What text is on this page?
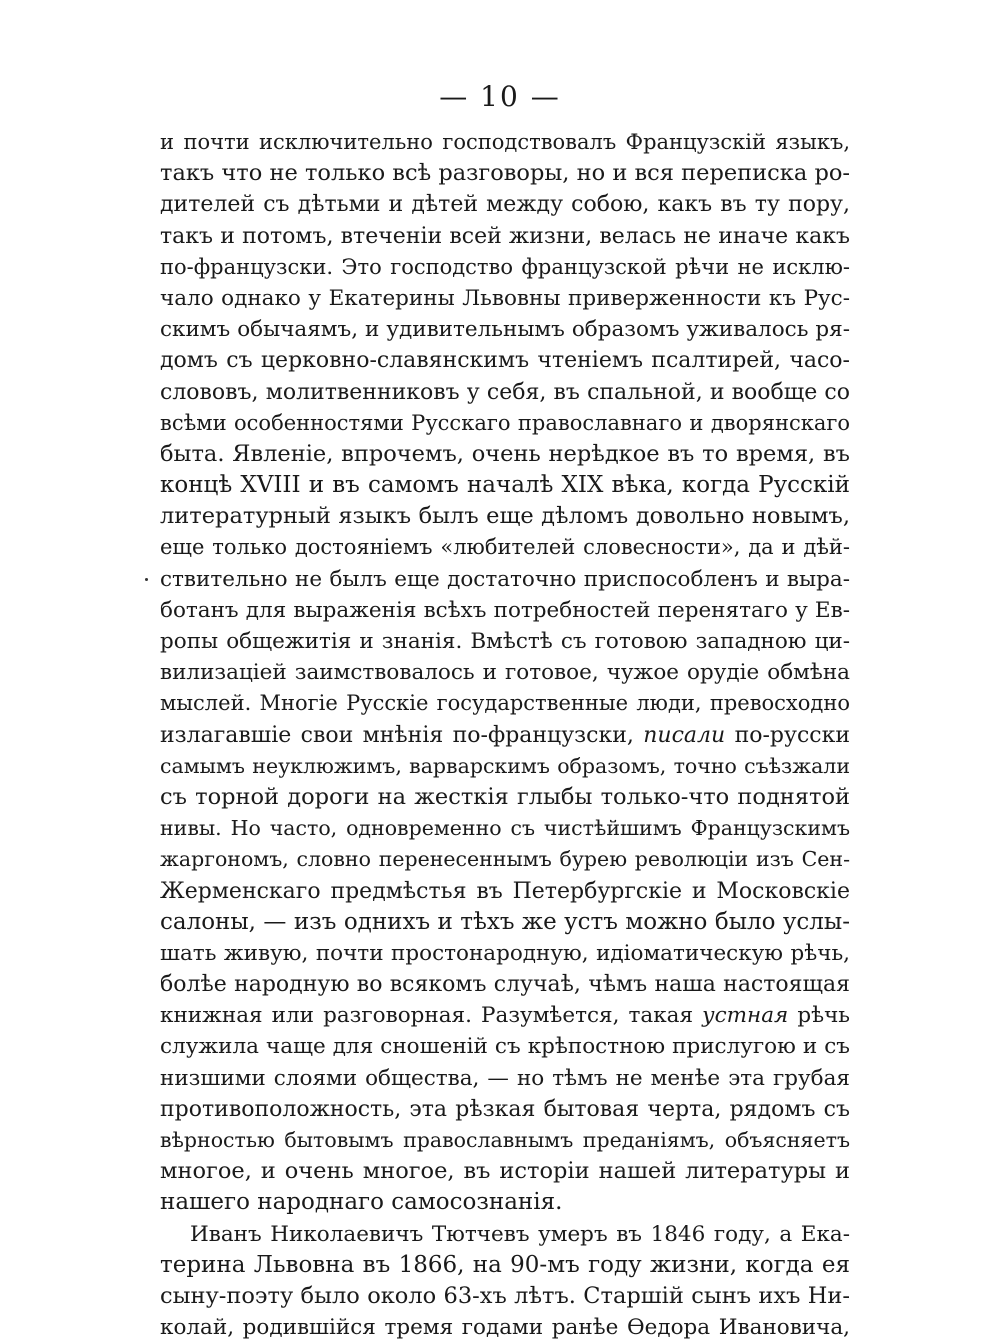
— 10 —
и почти исключительно господствовалъ Французскій языкъ,
такъ что не только всѣ разговоры, но и вся переписка ро-
дителей съ дѣтьми и дѣтей между собою, какъ въ ту пору,
такъ и потомъ, втеченіи всей жизни, велась не иначе какъ
по-французски. Это господство французской рѣчи не исклю-
чало однако у Екатерины Львовны приверженности къ Рус-
скимъ обычаямъ, и удивительнымъ образомъ уживалось ря-
домъ съ церковно-славянскимъ чтеніемъ псалтирей, часо-
слововъ, молитвенниковъ у себя, въ спальной, и вообще со
всѣми особенностями Русскаго православнаго и дворянскаго
быта. Явленіе, впрочемъ, очень нерѣдкое въ то время, въ
концѣ XVIII и въ самомъ началѣ XIX вѣка, когда Русскій
литературный языкъ былъ еще дѣломъ довольно новымъ,
еще только достояніемъ «любителей словесности», да и дѣй-
ствительно не былъ еще достаточно приспособленъ и выра-
ботанъ для выраженія всѣхъ потребностей перенятаго у Ев-
ропы общежитія и знанія. Вмѣстѣ съ готовою западною ци-
вилизаціей заимствовалось и готовое, чужое орудіе обмѣна
мыслей. Многіе Русскіе государственные люди, превосходно
излагавшіе свои мнѣнія по-французски, писали по-русски
самымъ неуклюжимъ, варварскимъ образомъ, точно съѣзжали
съ торной дороги на жесткія глыбы только-что поднятой
нивы. Но часто, одновременно съ чистѣйшимъ Французскимъ
жаргономъ, словно перенесеннымъ бурею революціи изъ Сен-
Жерменскаго предмѣстья въ Петербургскіе и Московскіе
салоны, — изъ однихъ и тѣхъ же устъ можно было услы-
шать живую, почти простонародную, идіоматическую рѣчь,
болѣе народную во всякомъ случаѣ, чѣмъ наша настоящая
книжная или разговорная. Разумѣется, такая устная рѣчь
служила чаще для сношеній съ крѣпостною прислугою и съ
низшими слоями общества, — но тѣмъ не менѣе эта грубая
противоположность, эта рѣзкая бытовая черта, рядомъ съ
вѣрностью бытовымъ православнымъ преданіямъ, объясняетъ
многое, и очень многое, въ исторіи нашей литературы и
нашего народнаго самосознанія.
Иванъ Николаевичъ Тютчевъ умеръ въ 1846 году, а Ека-
терина Львовна въ 1866, на 90-мъ году жизни, когда ея
сыну-поэту было около 63-хъ лѣтъ. Старшій сынъ ихъ Ни-
колай, родившійся тремя годами ранѣе Ѳедора Ивановича,
